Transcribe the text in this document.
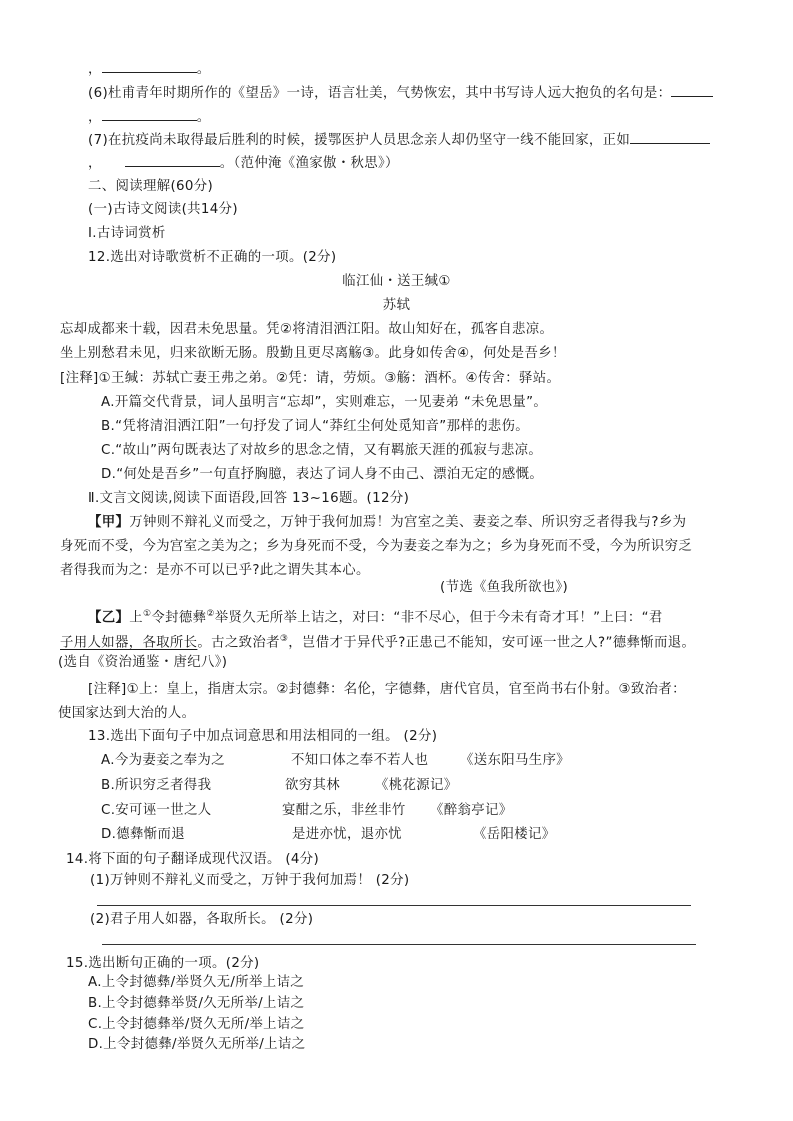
，	。
(6)杜甫青年时期所作的《望岳》一诗，语言壮美，气势恢宏，其中书写诗人远大抱负的名句是：
，	。
(7)在抗疫尚未取得最后胜利的时候，援鄂医护人员思念亲人却仍坚守一线不能回家，正如
，	。（范仲淹《渔家傲・秋思》）
二、阅读理解(60分)
(一)古诗文阅读(共14分)
Ⅰ.古诗词赏析
12.选出对诗歌赏析不正确的一项。(2分)
临江仙・送王缄①
苏轼
忘却成都来十载，因君未免思量。凭②将清泪洒江阳。故山知好在，孤客自悲凉。
坐上别愁君未见，归来欲断无肠。殷勤且更尽离觞③。此身如传舍④，何处是吾乡！
[注释]①王缄：苏轼亡妻王弗之弟。②凭：请，劳烦。③觞：酒杯。④传舍：驿站。
A.开篇交代背景，词人虽明言“忘却”，实则难忘，一见妻弟 “未免思量”。
B.“凭将清泪洒江阳”一句抒发了词人“莽红尘何处觅知音”那样的悲伤。
C.“故山”两句既表达了对故乡的思念之情，又有羁旅天涯的孤寂与悲凉。
D.“何处是吾乡”一句直抒胸臆，表达了词人身不由己、漂泊无定的感慨。
Ⅱ.文言文阅读,阅读下面语段,回答 13~16题。(12分)
【甲】万钟则不辩礼义而受之，万钟于我何加焉！为宫室之美、妻妾之奉、所识穷乏者得我与?乡为
身死而不受，今为宫室之美为之；乡为身死而不受，今为妻妾之奉为之；乡为身死而不受，今为所识穷乏
者得我而为之：是亦不可以已乎?此之谓失其本心。
(节选《鱼我所欲也》)
【乙】上①令封德彝②举贤久无所举上诘之，对曰：“非不尽心，但于今未有奇才耳！”上曰：“君
子用人如器，各取所长。古之致治者③，岂借才于异代乎?正患己不能知，安可诬一世之人?”德彝惭而退。
(选自《资治通鉴・唐纪八》)
[注释]①上：皇上，指唐太宗。②封德彝：名伦，字德彝，唐代官员，官至尚书右仆射。③致治者：
使国家达到大治的人。
13.选出下面句子中加点词意思和用法相同的一组。 (2分)
A.今为妻妾之奉为之	不知口体之奉不若人也 《送东阳马生序》
B.所识穷乏者得我	欲穷其林	《桃花源记》
C.安可诬一世之人	宴酣之乐，非丝非竹 《醉翁亭记》
D.德彝惭而退	是进亦忧，退亦忧	《岳阳楼记》
14.将下面的句子翻译成现代汉语。 (4分)
(1)万钟则不辩礼义而受之，万钟于我何加焉！ (2分)
(2)君子用人如器，各取所长。 (2分)
15.选出断句正确的一项。(2分)
A.上令封德彝/举贤久无/所举上诘之
B.上令封德彝举贤/久无所举/上诘之
C.上令封德彝举/贤久无所/举上诘之
D.上令封德彝/举贤久无所举/上诘之
